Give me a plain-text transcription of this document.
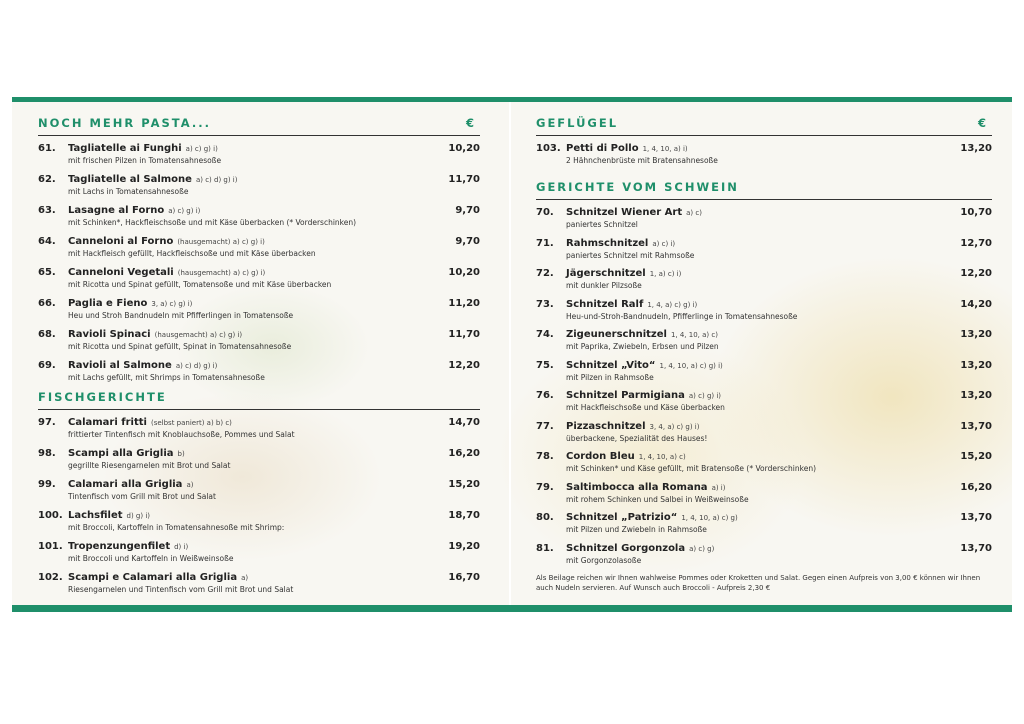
NOCH MEHR PASTA...	€
61.	Tagliatelle ai Funghi a) c) g) i)	10,20
mit frischen Pilzen in Tomatensahnesoße
62.	Tagliatelle al Salmone a) c) d) g) i)	11,70
mit Lachs in Tomatensahnesoße
63.	Lasagne al Forno a) c) g) i)	9,70
mit Schinken*, Hackfleischsoße und mit Käse überbacken (* Vorderschinken)
64.	Canneloni al Forno (hausgemacht) a) c) g) i)	9,70
mit Hackfleisch gefüllt, Hackfleischsoße und mit Käse überbacken
65.	Canneloni Vegetali (hausgemacht) a) c) g) i)	10,20
mit Ricotta und Spinat gefüllt, Tomatensoße und mit Käse überbacken
66.	Paglia e Fieno 3, a) c) g) i)	11,20
Heu und Stroh Bandnudeln mit Pfifferlingen in Tomatensoße
68.	Ravioli Spinaci (hausgemacht) a) c) g) i)	11,70
mit Ricotta und Spinat gefüllt, Spinat in Tomatensahnesoße
69.	Ravioli al Salmone a) c) d) g) i)	12,20
mit Lachs gefüllt, mit Shrimps in Tomatensahnesoße
FISCHGERICHTE
97.	Calamari fritti (selbst paniert) a) b) c)	14,70
frittierter Tintenfisch mit Knoblauchsoße, Pommes und Salat
98.	Scampi alla Griglia b)	16,20
gegrillte Riesengarnelen mit Brot und Salat
99.	Calamari alla Griglia a)	15,20
Tintenfisch vom Grill mit Brot und Salat
100. Lachsfilet d) g) i)	18,70
mit Broccoli, Kartoffeln in Tomatensahnesoße mit Shrimp:
101. Tropenzungenfilet d) i)	19,20
mit Broccoli und Kartoffeln in Weißweinsoße
102. Scampi e Calamari alla Griglia a)	16,70
Riesengarnelen und Tintenfisch vom Grill mit Brot und Salat
GEFLÜGEL	€
103. Petti di Pollo 1, 4, 10, a) i)	13,20
2 Hähnchenbrüste mit Bratensahnesoße
GERICHTE VOM SCHWEIN
70.	Schnitzel Wiener Art a) c)	10,70
paniertes Schnitzel
71.	Rahmschnitzel a) c) i)	12,70
paniertes Schnitzel mit Rahmsoße
72.	Jägerschnitzel 1, a) c) i)	12,20
mit dunkler Pilzsoße
73.	Schnitzel Ralf 1, 4, a) c) g) i)	14,20
Heu-und-Stroh-Bandnudeln, Pfifferlinge in Tomatensahnesoße
74.	Zigeunerschnitzel 1, 4, 10, a) c)	13,20
mit Paprika, Zwiebeln, Erbsen und Pilzen
75.	Schnitzel „Vito“ 1, 4, 10, a) c) g) i)	13,20
mit Pilzen in Rahmsoße
76.	Schnitzel Parmigiana a) c) g) i)	13,20
mit Hackfleischsoße und Käse überbacken
77.	Pizzaschnitzel 3, 4, a) c) g) i)	13,70
überbackene, Spezialität des Hauses!
78.	Cordon Bleu 1, 4, 10, a) c)	15,20
mit Schinken* und Käse gefüllt, mit Bratensoße (* Vorderschinken)
79.	Saltimbocca alla Romana a) i)	16,20
mit rohem Schinken und Salbei in Weißweinsoße
80.	Schnitzel „Patrizio“ 1, 4, 10, a) c) g)	13,70
mit Pilzen und Zwiebeln in Rahmsoße
81.	Schnitzel Gorgonzola a) c) g)	13,70
mit Gorgonzolasoße
Als Beilage reichen wir Ihnen wahlweise Pommes oder Kroketten und Salat. Gegen einen Aufpreis von 3,00 € können wir Ihnen
auch Nudeln servieren. Auf Wunsch auch Broccoli - Aufpreis 2,30 €
